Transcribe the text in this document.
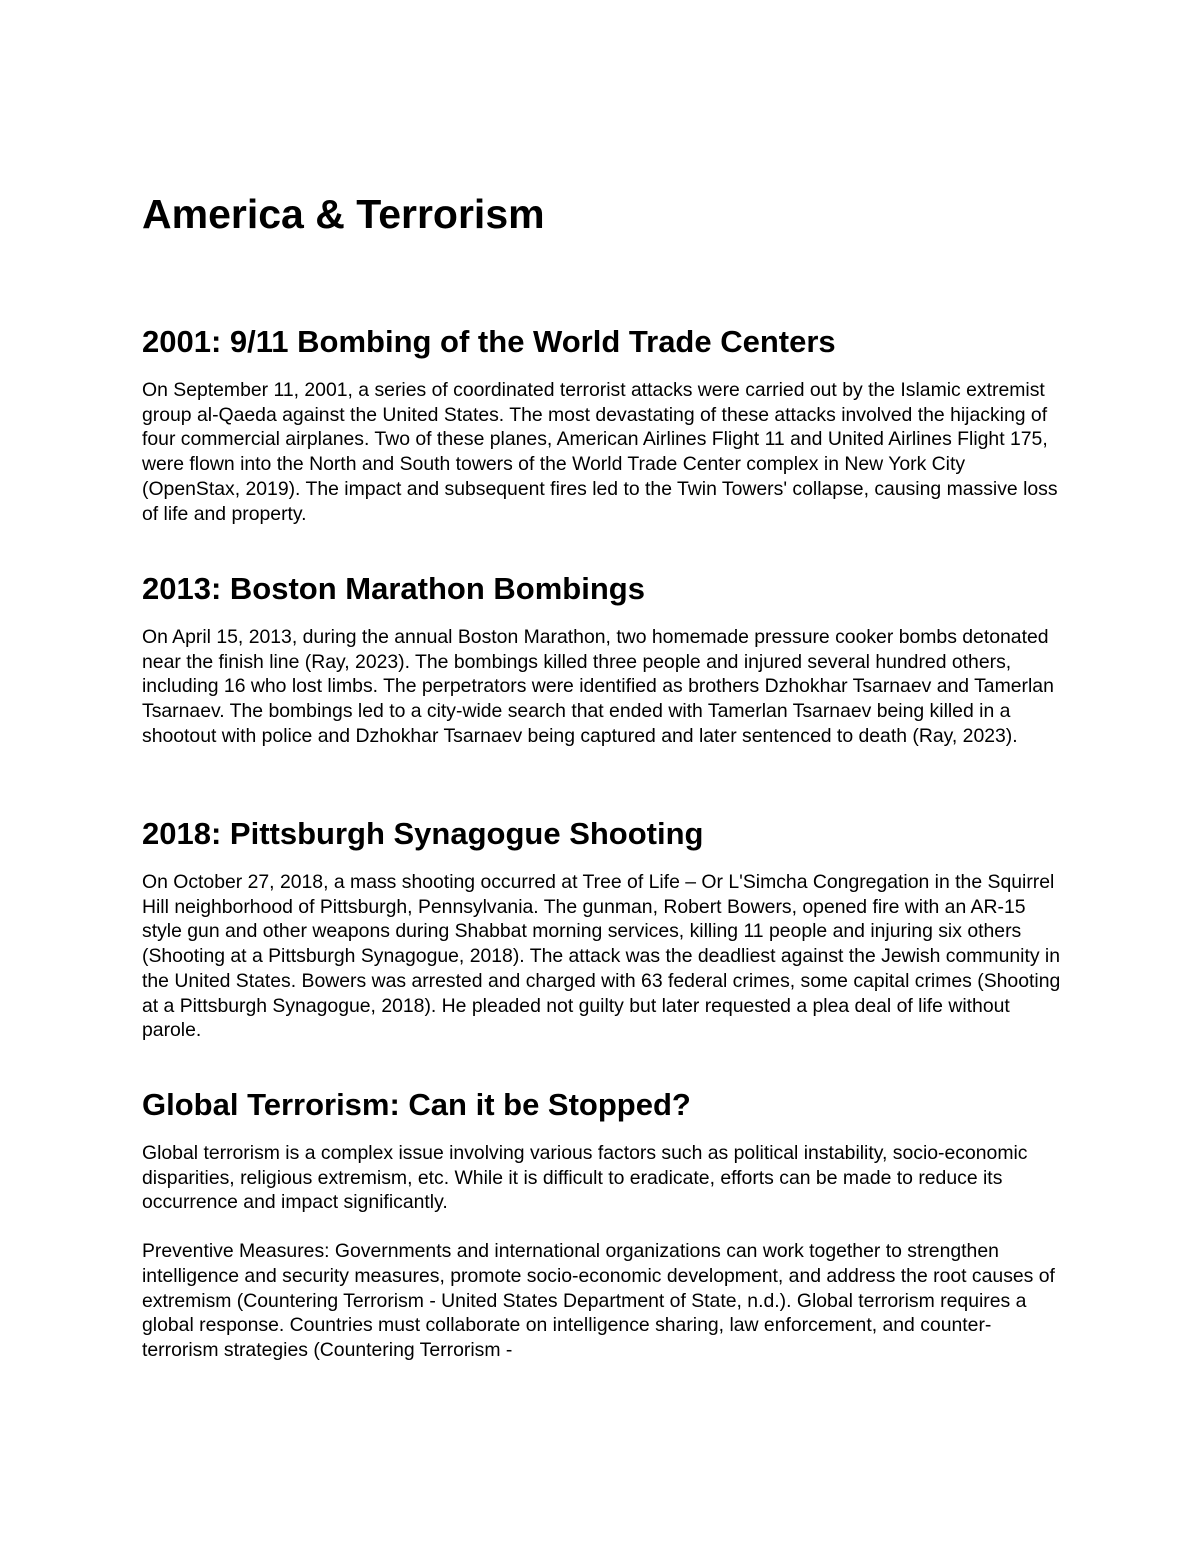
America & Terrorism
2001: 9/11 Bombing of the World Trade Centers

On September 11, 2001, a series of coordinated terrorist attacks were carried out by the Islamic extremist group al-Qaeda against the United States. The most devastating of these attacks involved the hijacking of four commercial airplanes. Two of these planes, American Airlines Flight 11 and United Airlines Flight 175, were flown into the North and South towers of the World Trade Center complex in New York City (OpenStax, 2019). The impact and subsequent fires led to the Twin Towers' collapse, causing massive loss of life and property.

2013: Boston Marathon Bombings

On April 15, 2013, during the annual Boston Marathon, two homemade pressure cooker bombs detonated near the finish line (Ray, 2023). The bombings killed three people and injured several hundred others, including 16 who lost limbs. The perpetrators were identified as brothers Dzhokhar Tsarnaev and Tamerlan Tsarnaev. The bombings led to a city-wide search that ended with Tamerlan Tsarnaev being killed in a shootout with police and Dzhokhar Tsarnaev being captured and later sentenced to death (Ray, 2023).

2018: Pittsburgh Synagogue Shooting

On October 27, 2018, a mass shooting occurred at Tree of Life – Or L'Simcha Congregation in the Squirrel Hill neighborhood of Pittsburgh, Pennsylvania. The gunman, Robert Bowers, opened fire with an AR-15 style gun and other weapons during Shabbat morning services, killing 11 people and injuring six others (Shooting at a Pittsburgh Synagogue, 2018). The attack was the deadliest against the Jewish community in the United States. Bowers was arrested and charged with 63 federal crimes, some capital crimes (Shooting at a Pittsburgh Synagogue, 2018). He pleaded not guilty but later requested a plea deal of life without parole.

Global Terrorism: Can it be Stopped?

Global terrorism is a complex issue involving various factors such as political instability, socio-economic disparities, religious extremism, etc. While it is difficult to eradicate, efforts can be made to reduce its occurrence and impact significantly.

Preventive Measures: Governments and international organizations can work together to strengthen intelligence and security measures, promote socio-economic development, and address the root causes of extremism (Countering Terrorism - United States Department of State, n.d.). Global terrorism requires a global response. Countries must collaborate on intelligence sharing, law enforcement, and counter-terrorism strategies (Countering Terrorism -
